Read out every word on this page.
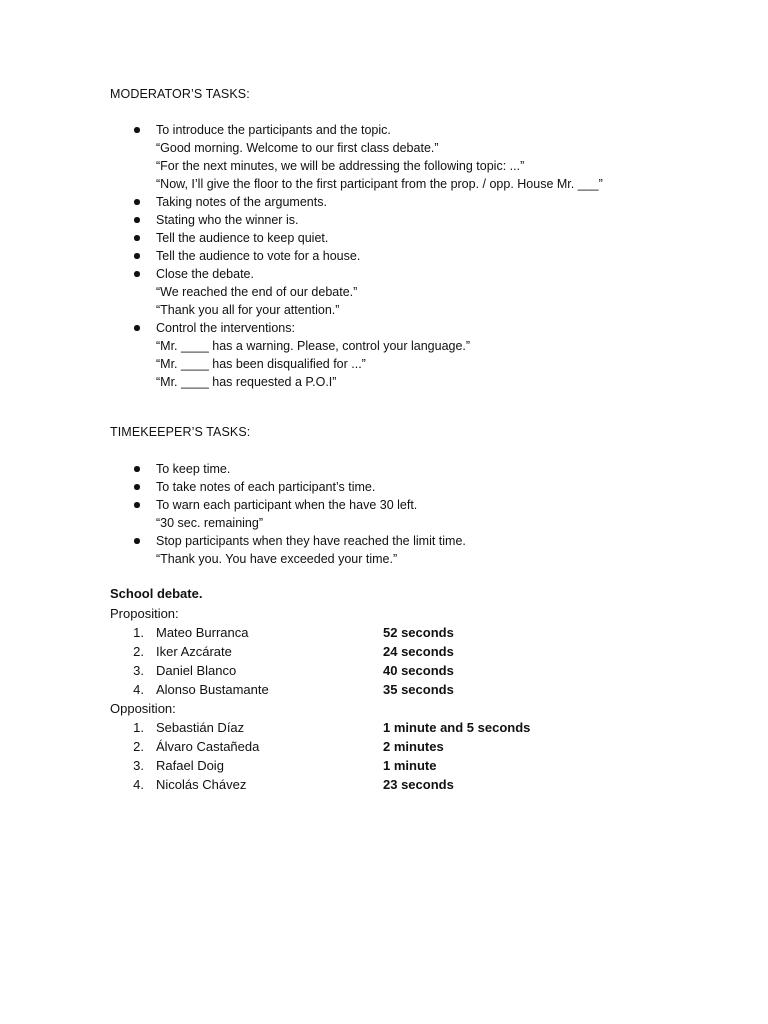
MODERATOR’S TASKS:
To introduce the participants and the topic.
“Good morning. Welcome to our first class debate.”
“For the next minutes, we will be addressing the following topic: ...”
“Now, I’ll give the floor to the first participant from the prop. / opp. House Mr. ___”
Taking notes of the arguments.
Stating who the winner is.
Tell the audience to keep quiet.
Tell the audience to vote for a house.
Close the debate.
“We reached the end of our debate.”
“Thank you all for your attention.”
Control the interventions:
“Mr. ____ has a warning. Please, control your language.”
“Mr. ____ has been disqualified for ...”
“Mr. ____ has requested a P.O.I”
TIMEKEEPER’S TASKS:
To keep time.
To take notes of each participant’s time.
To warn each participant when the have 30 left.
“30 sec. remaining”
Stop participants when they have reached the limit time.
“Thank you. You have exceeded your time.”
School debate.
Proposition:
1. Mateo Burranca	52 seconds
2. Iker Azcárate	24 seconds
3. Daniel Blanco	40 seconds
4. Alonso Bustamante	35 seconds
Opposition:
1. Sebastián Díaz	1 minute and 5 seconds
2. Álvaro Castañeda	2 minutes
3. Rafael Doig	1 minute
4. Nicolás Chávez	23 seconds
